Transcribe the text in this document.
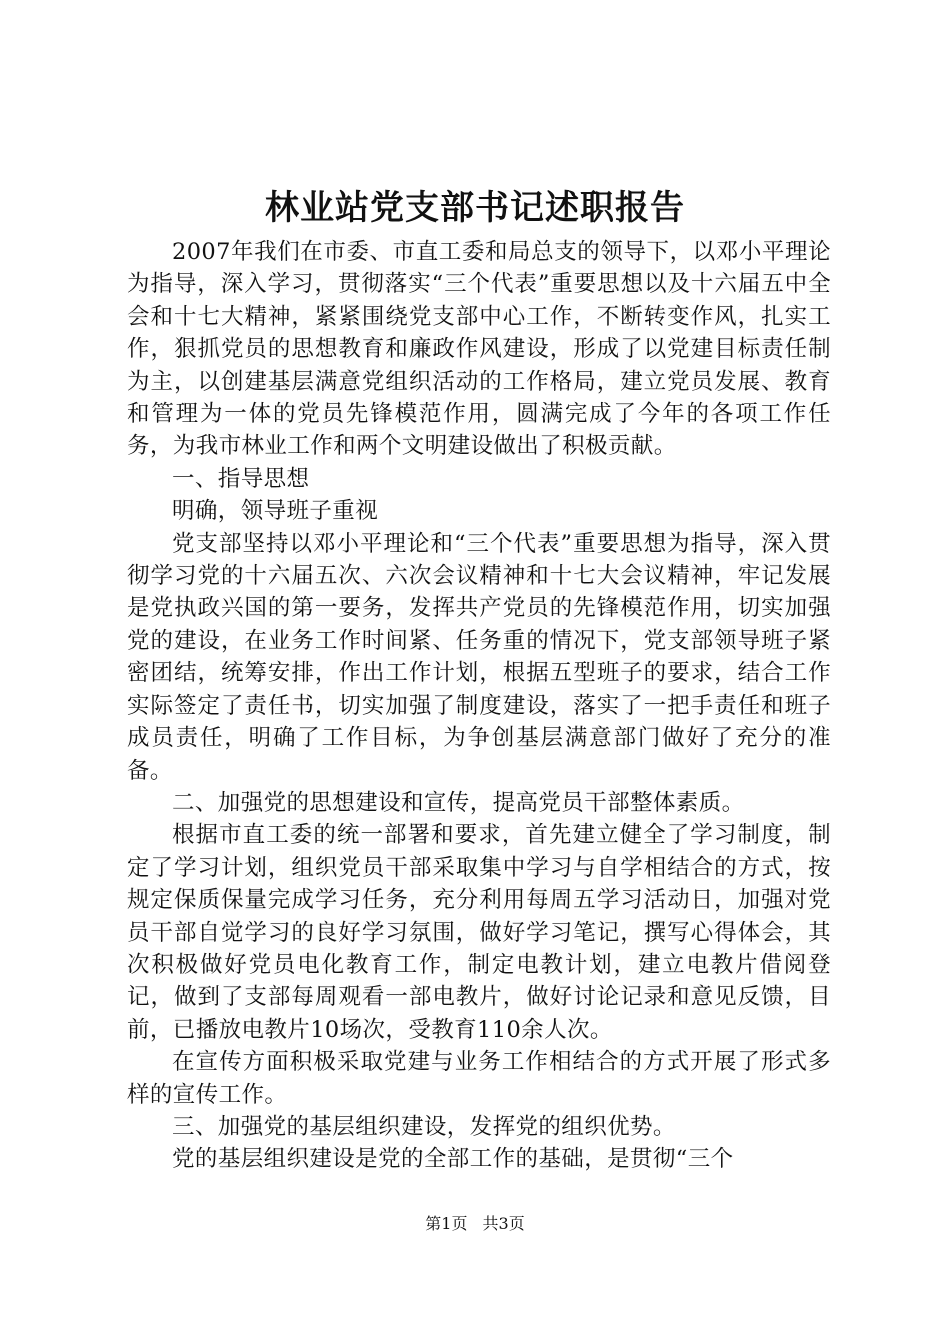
林业站党支部书记述职报告

2007年我们在市委、市直工委和局总支的领导下，以邓小平理论为指导，深入学习，贯彻落实“三个代表”重要思想以及十六届五中全会和十七大精神，紧紧围绕党支部中心工作，不断转变作风，扎实工作，狠抓党员的思想教育和廉政作风建设，形成了以党建目标责任制为主，以创建基层满意党组织活动的工作格局，建立党员发展、教育和管理为一体的党员先锋模范作用，圆满完成了今年的各项工作任务，为我市林业工作和两个文明建设做出了积极贡献。

一、指导思想

明确，领导班子重视

党支部坚持以邓小平理论和“三个代表”重要思想为指导，深入贯彻学习党的十六届五次、六次会议精神和十七大会议精神，牢记发展是党执政兴国的第一要务，发挥共产党员的先锋模范作用，切实加强党的建设，在业务工作时间紧、任务重的情况下，党支部领导班子紧密团结，统筹安排，作出工作计划，根据五型班子的要求，结合工作实际签定了责任书，切实加强了制度建设，落实了一把手责任和班子成员责任，明确了工作目标，为争创基层满意部门做好了充分的准备。

二、加强党的思想建设和宣传，提高党员干部整体素质。

根据市直工委的统一部署和要求，首先建立健全了学习制度，制定了学习计划，组织党员干部采取集中学习与自学相结合的方式，按规定保质保量完成学习任务，充分利用每周五学习活动日，加强对党员干部自觉学习的良好学习氛围，做好学习笔记，撰写心得体会，其次积极做好党员电化教育工作，制定电教计划，建立电教片借阅登记，做到了支部每周观看一部电教片，做好讨论记录和意见反馈，目前，已播放电教片10场次，受教育110余人次。

在宣传方面积极采取党建与业务工作相结合的方式开展了形式多样的宣传工作。

三、加强党的基层组织建设，发挥党的组织优势。

党的基层组织建设是党的全部工作的基础，是贯彻“三个

第1页 共3页
